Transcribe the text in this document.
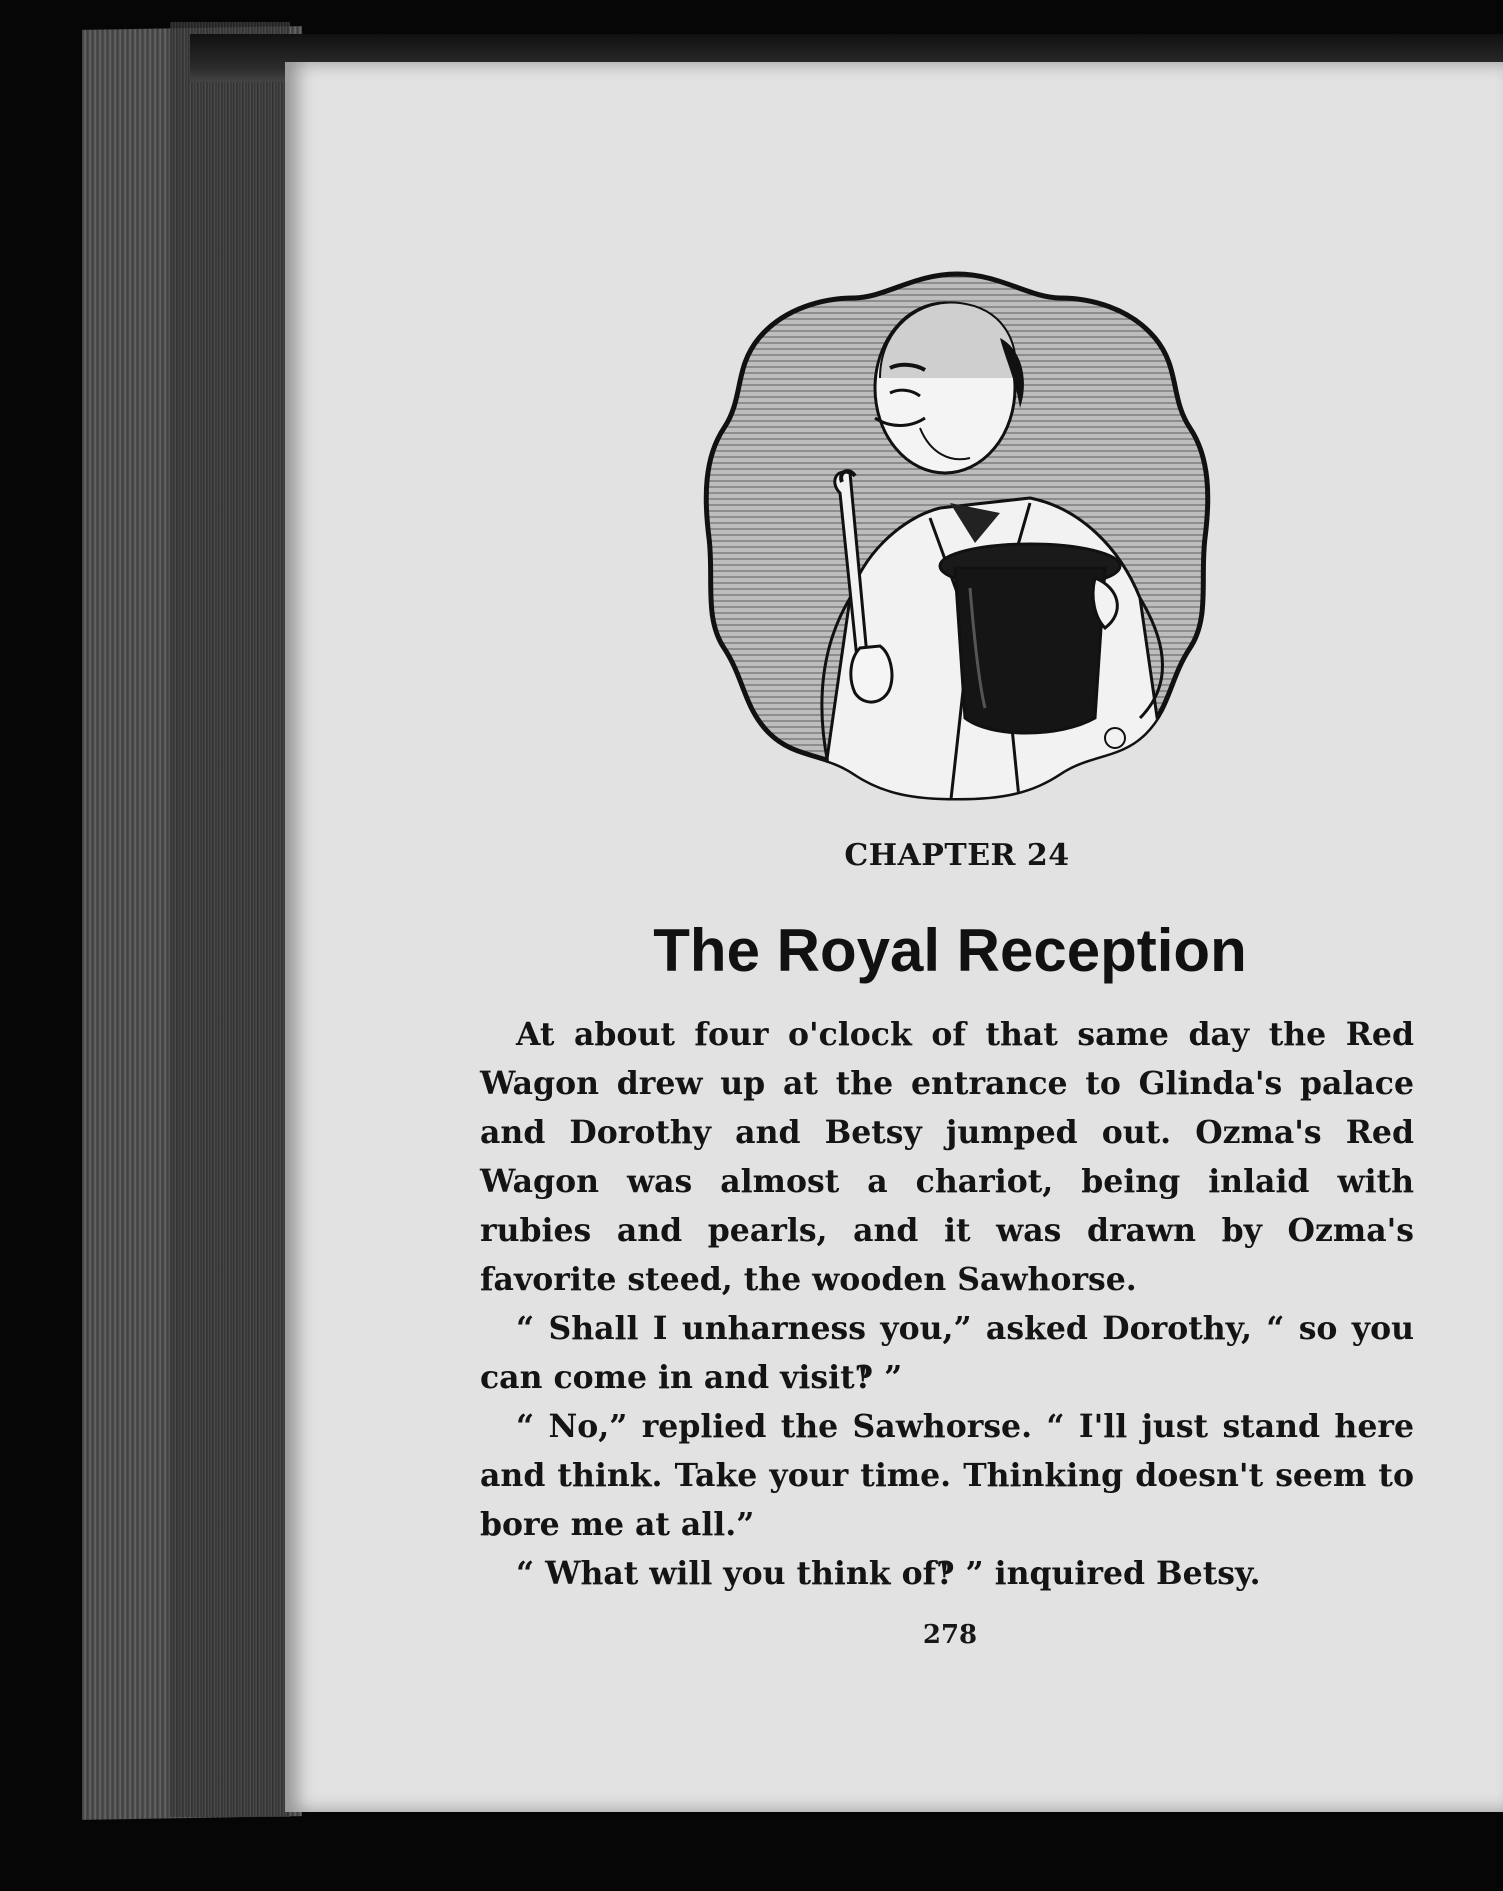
CHAPTER 24
The Royal Reception

At about four o'clock of that same day the Red Wagon drew up at the entrance to Glinda's palace and Dorothy and Betsy jumped out. Ozma's Red Wagon was almost a chariot, being inlaid with rubies and pearls, and it was drawn by Ozma's favorite steed, the wooden Sawhorse.

“ Shall I unharness you,” asked Dorothy, “ so you can come in and visit‽ ”

“ No,” replied the Sawhorse. “ I'll just stand here and think. Take your time. Thinking doesn't seem to bore me at all.”

“ What will you think of‽ ” inquired Betsy.

278
